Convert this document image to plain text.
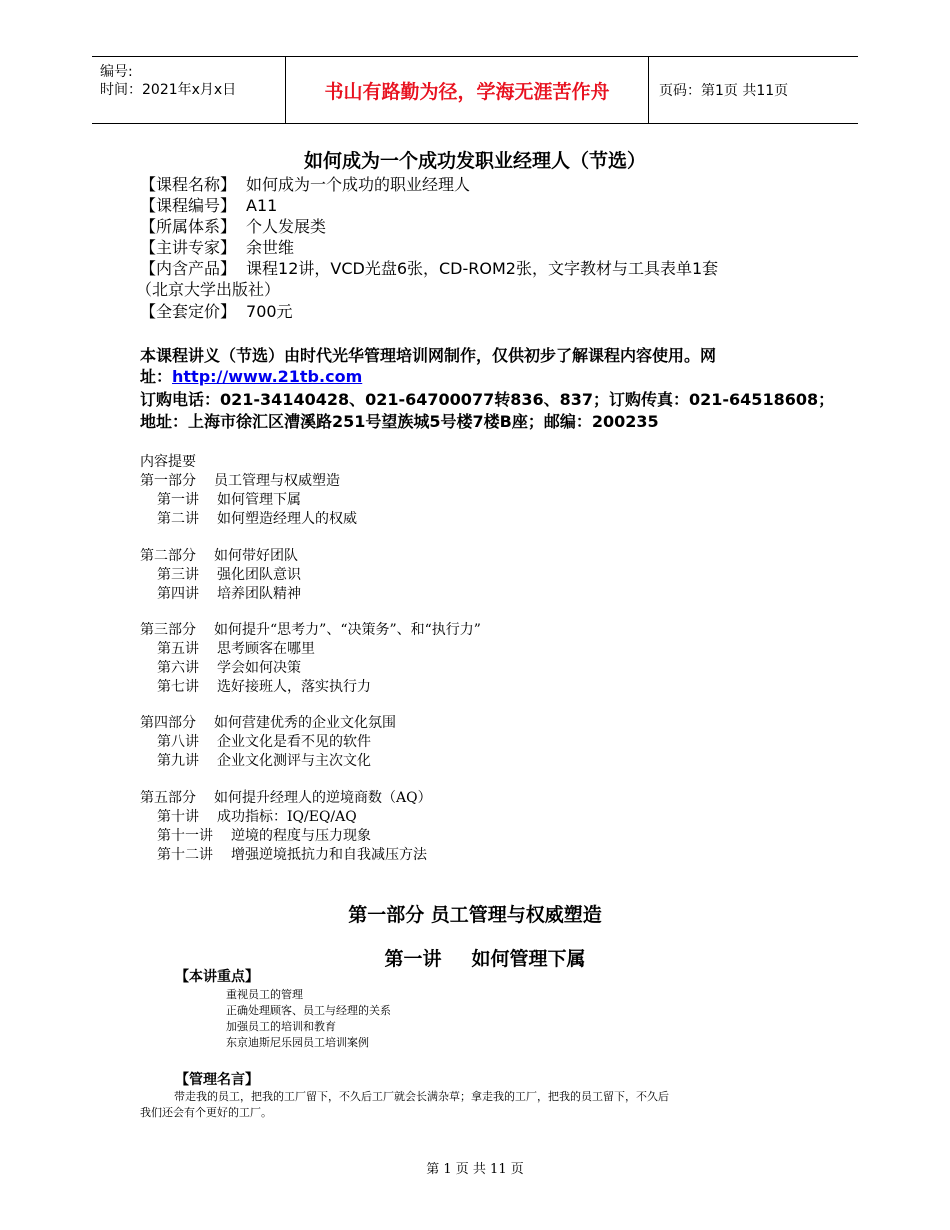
编号:
时间：2021年x月x日	书山有路勤为径，学海无涯苦作舟	页码：第1页 共11页
如何成为一个成功发职业经理人（节选）
【课程名称】 如何成为一个成功的职业经理人
【课程编号】 A11
【所属体系】 个人发展类
【主讲专家】 余世维
【内含产品】 课程12讲，VCD光盘6张，CD-ROM2张，文字教材与工具表单1套
（北京大学出版社）
【全套定价】 700元
本课程讲义（节选）由时代光华管理培训网制作，仅供初步了解课程内容使用。网
址：http://www.21tb.com
订购电话：021-34140428、021-64700077转836、837；订购传真：021-64518608；
地址：上海市徐汇区漕溪路251号望族城5号楼7楼B座；邮编：200235
内容提要
第一部分 员工管理与权威塑造
第一讲 如何管理下属
第二讲 如何塑造经理人的权威
第二部分 如何带好团队
第三讲 强化团队意识
第四讲 培养团队精神
第三部分 如何提升“思考力”、“决策务”、和“执行力”
第五讲 思考顾客在哪里
第六讲 学会如何决策
第七讲 选好接班人，落实执行力
第四部分 如何营建优秀的企业文化氛围
第八讲 企业文化是看不见的软件
第九讲 企业文化测评与主次文化
第五部分 如何提升经理人的逆境商数（AQ）
第十讲 成功指标：IQ/EQ/AQ
第十一讲 逆境的程度与压力现象
第十二讲 增强逆境抵抗力和自我减压方法
第一部分 员工管理与权威塑造
第一讲 如何管理下属
【本讲重点】
重视员工的管理
正确处理顾客、员工与经理的关系
加强员工的培训和教育
东京迪斯尼乐园员工培训案例
【管理名言】
带走我的员工，把我的工厂留下，不久后工厂就会长满杂草；拿走我的工厂，把我的员工留下，不久后
我们还会有个更好的工厂。
第 1 页 共 11 页
